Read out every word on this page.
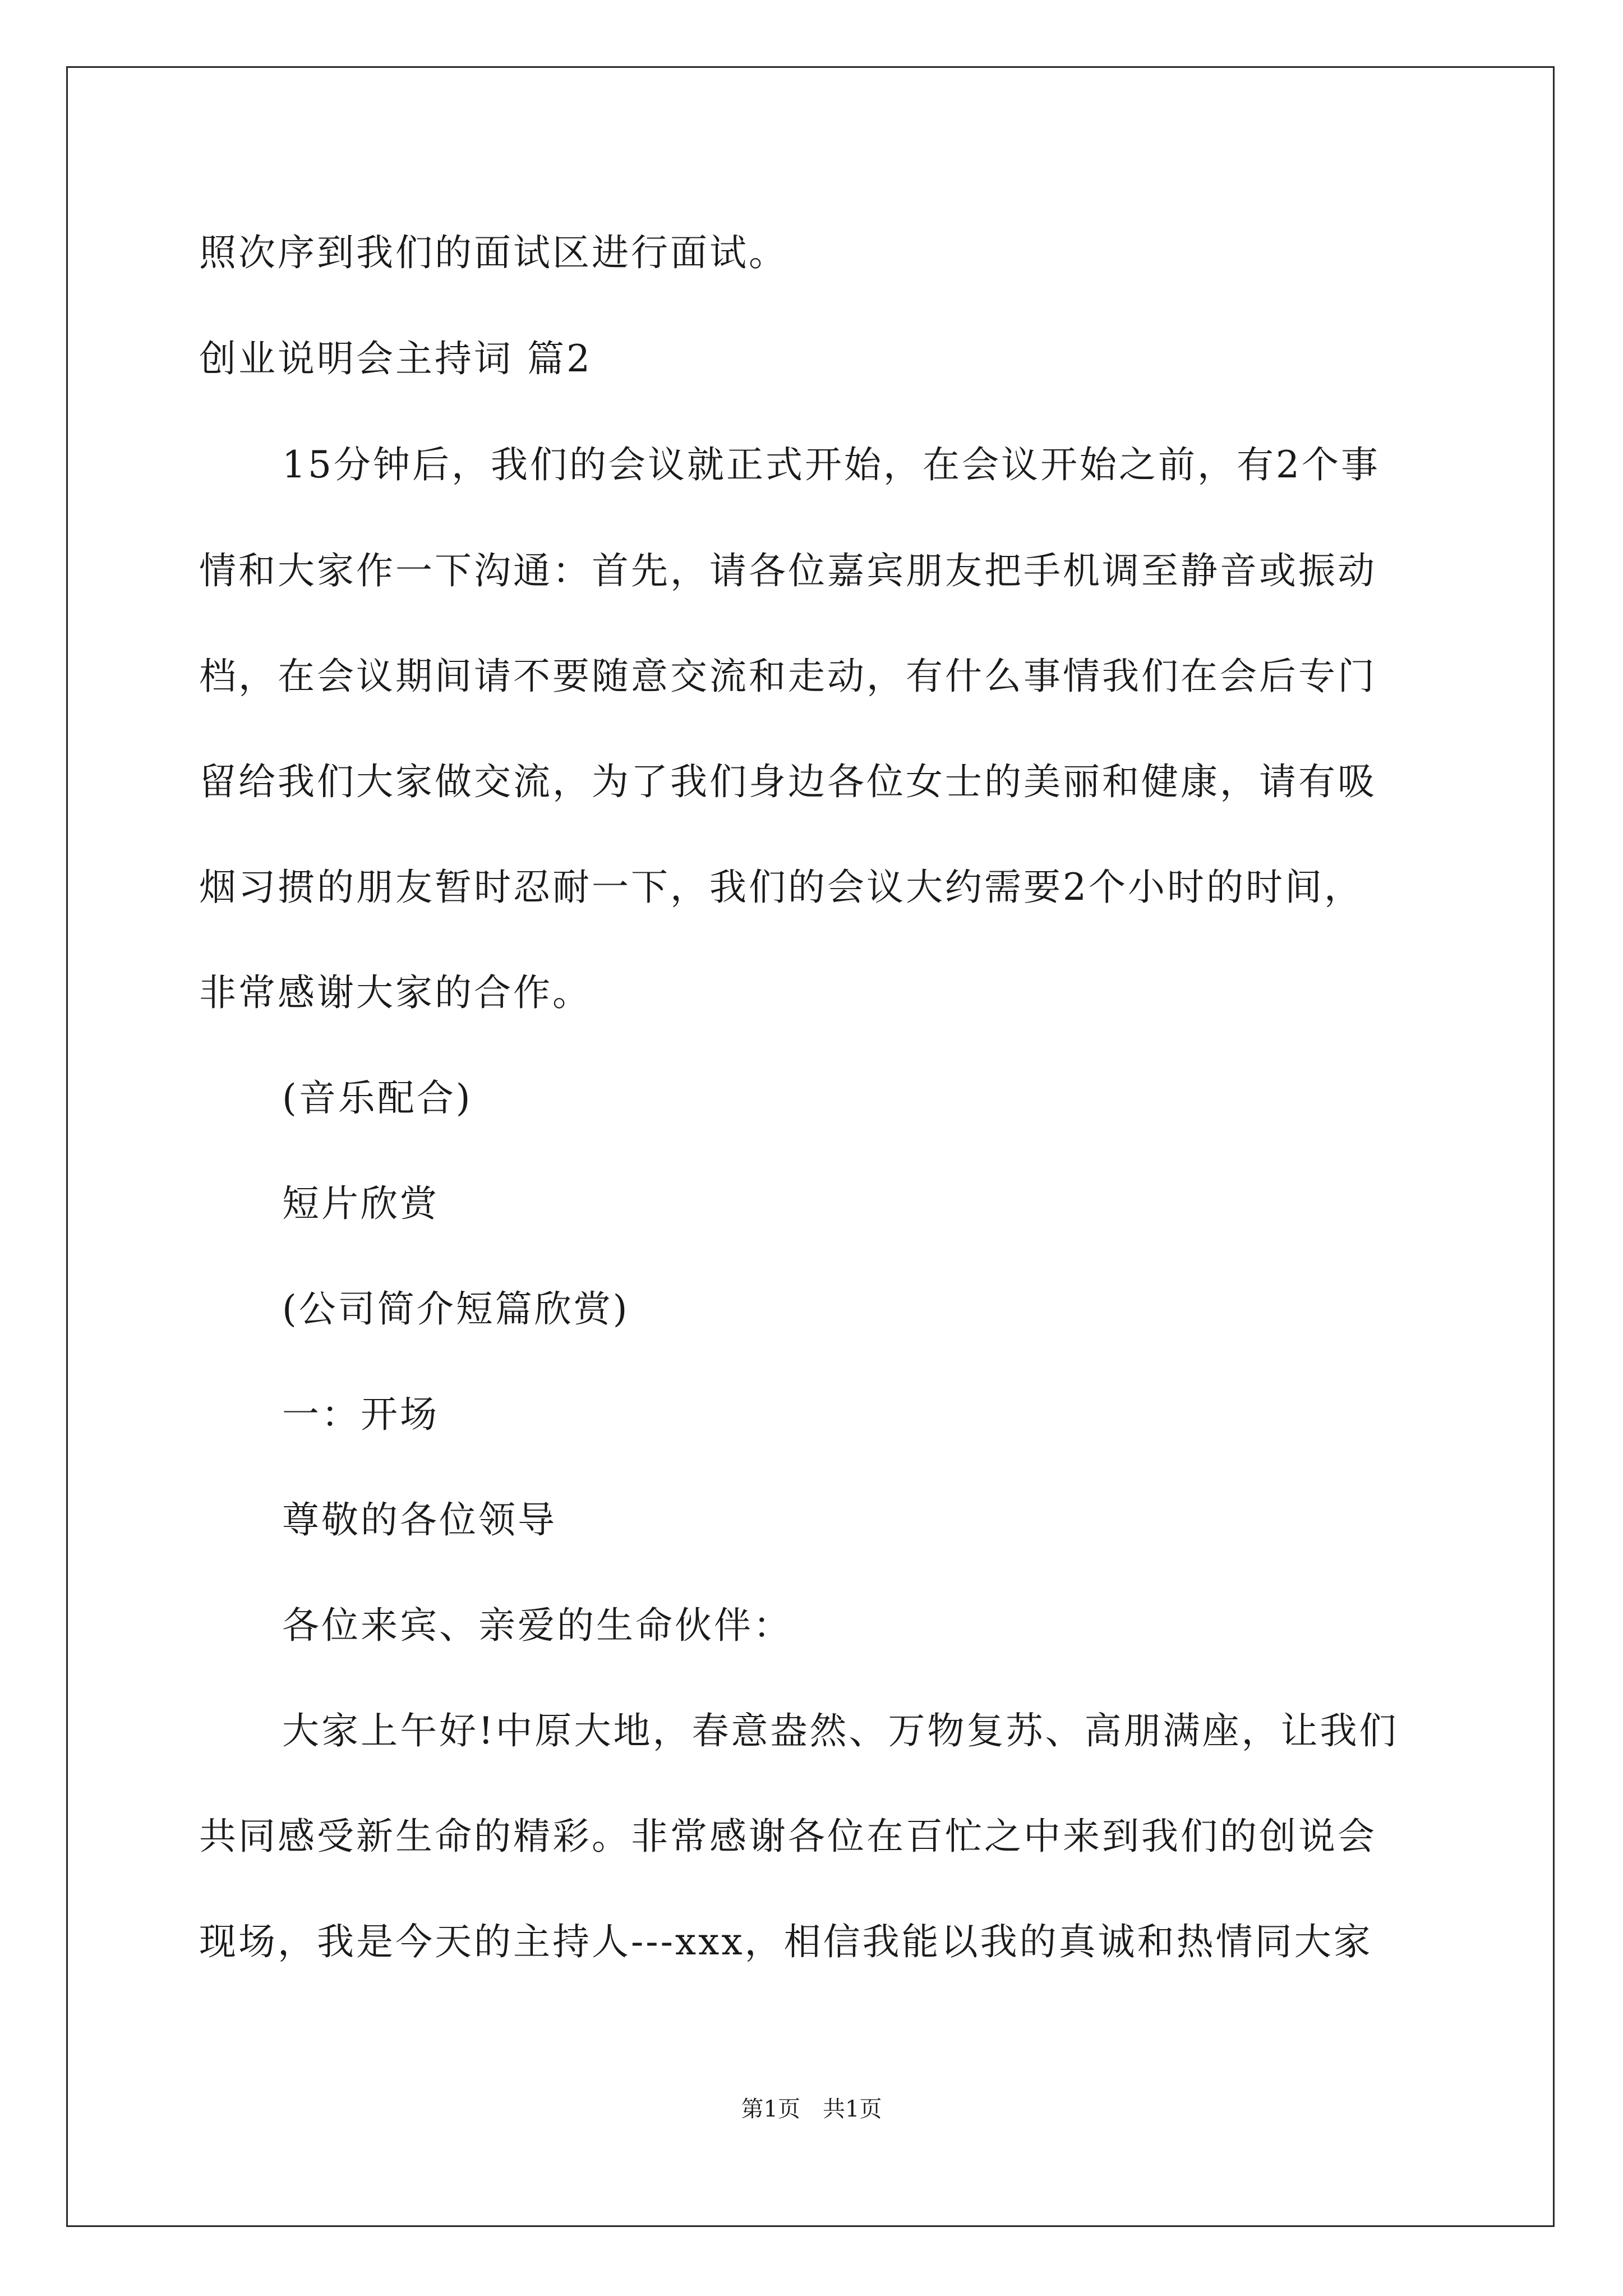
照次序到我们的面试区进行面试。
创业说明会主持词 篇2
15分钟后，我们的会议就正式开始，在会议开始之前，有2个事
情和大家作一下沟通：首先，请各位嘉宾朋友把手机调至静音或振动
档，在会议期间请不要随意交流和走动，有什么事情我们在会后专门
留给我们大家做交流，为了我们身边各位女士的美丽和健康，请有吸
烟习掼的朋友暂时忍耐一下，我们的会议大约需要2个小时的时间，
非常感谢大家的合作。
(音乐配合)
短片欣赏
(公司简介短篇欣赏)
一：开场
尊敬的各位领导
各位来宾、亲爱的生命伙伴：
大家上午好!中原大地，春意盎然、万物复苏、高朋满座，让我们
共同感受新生命的精彩。非常感谢各位在百忙之中来到我们的创说会
现场，我是今天的主持人---xxx，相信我能以我的真诚和热情同大家
第1页　共1页
